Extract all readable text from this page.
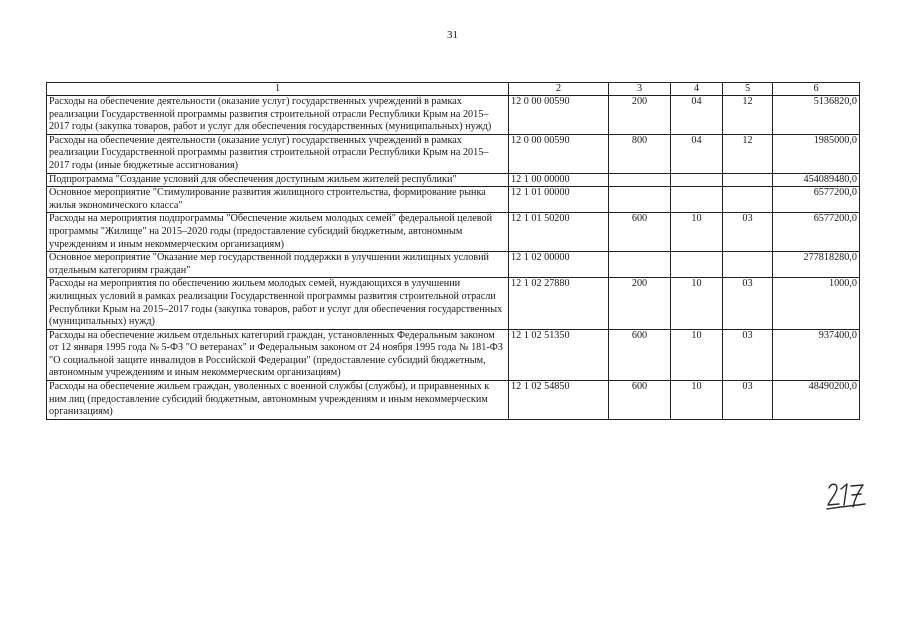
31
1	2	3	4	5	6
Расходы на обеспечение деятельности (оказание услуг) государственных учреждений в рамках реализации Государственной программы развития строительной отрасли Республики Крым на 2015–2017 годы (закупка товаров, работ и услуг для обеспечения государственных (муниципальных) нужд)	12 0 00 00590	200	04	12	5136820,0
Расходы на обеспечение деятельности (оказание услуг) государственных учреждений в рамках реализации Государственной программы развития строительной отрасли Республики Крым на 2015–2017 годы (иные бюджетные ассигнования)	12 0 00 00590	800	04	12	1985000,0
Подпрограмма "Создание условий для обеспечения доступным жильем жителей республики"	12 1 00 00000				454089480,0
Основное мероприятие "Стимулирование развития жилищного строительства, формирование рынка жилья экономического класса"	12 1 01 00000				6577200,0
Расходы на мероприятия подпрограммы "Обеспечение жильем молодых семей" федеральной целевой программы "Жилище" на 2015–2020 годы (предоставление субсидий бюджетным, автономным учреждениям и иным некоммерческим организациям)	12 1 01 50200	600	10	03	6577200,0
Основное мероприятие "Оказание мер государственной поддержки в улучшении жилищных условий отдельным категориям граждан"	12 1 02 00000				277818280,0
Расходы на мероприятия по обеспечению жильем молодых семей, нуждающихся в улучшении жилищных условий в рамках реализации Государственной программы развития строительной отрасли Республики Крым на 2015–2017 годы (закупка товаров, работ и услуг для обеспечения государственных (муниципальных) нужд)	12 1 02 27880	200	10	03	1000,0
Расходы на обеспечение жильем отдельных категорий граждан, установленных Федеральным законом от 12 января 1995 года № 5-ФЗ "О ветеранах" и Федеральным законом от 24 ноября 1995 года № 181-ФЗ "О социальной защите инвалидов в Российской Федерации" (предоставление субсидий бюджетным, автономным учреждениям и иным некоммерческим организациям)	12 1 02 51350	600	10	03	937400,0
Расходы на обеспечение жильем граждан, уволенных с военной службы (службы), и приравненных к ним лиц (предоставление субсидий бюджетным, автономным учреждениям и иным некоммерческим организациям)	12 1 02 54850	600	10	03	48490200,0
